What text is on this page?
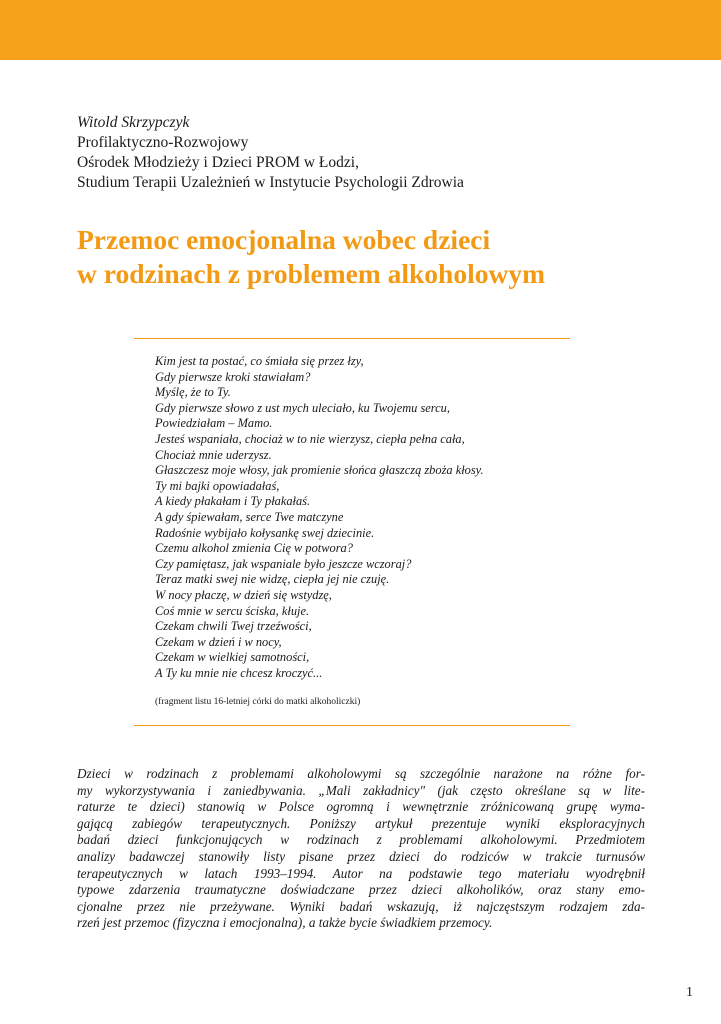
Witold Skrzypczyk
Profilaktyczno-Rozwojowy
Ośrodek Młodzieży i Dzieci PROM w Łodzi,
Studium Terapii Uzależnień w Instytucie Psychologii Zdrowia
Przemoc emocjonalna wobec dzieci
w rodzinach z problemem alkoholowym
Kim jest ta postać, co śmiała się przez łzy,
Gdy pierwsze kroki stawiałam?
Myślę, że to Ty.
Gdy pierwsze słowo z ust mych uleciało, ku Twojemu sercu,
Powiedziałam – Mamo.
Jesteś wspaniała, chociaż w to nie wierzysz, ciepła pełna cała,
Chociaż mnie uderzysz.
Głaszczesz moje włosy, jak promienie słońca głaszczą zboża kłosy.
Ty mi bajki opowiadałaś,
A kiedy płakałam i Ty płakałaś.
A gdy śpiewałam, serce Twe matczyne
Radośnie wybijało kołysankę swej dziecinie.
Czemu alkohol zmienia Cię w potwora?
Czy pamiętasz, jak wspaniale było jeszcze wczoraj?
Teraz matki swej nie widzę, ciepła jej nie czuję.
W nocy płaczę, w dzień się wstydzę,
Coś mnie w sercu ściska, kłuje.
Czekam chwili Twej trzeźwości,
Czekam w dzień i w nocy,
Czekam w wielkiej samotności,
A Ty ku mnie nie chcesz kroczyć...
(fragment listu 16-letniej córki do matki alkoholiczki)
Dzieci w rodzinach z problemami alkoholowymi są szczególnie narażone na różne for-
my wykorzystywania i zaniedbywania. „Mali zakładnicy" (jak często określane są w lite-
raturze te dzieci) stanowią w Polsce ogromną i wewnętrznie zróżnicowaną grupę wyma-
gającą zabiegów terapeutycznych. Poniższy artykuł prezentuje wyniki eksploracyjnych
badań dzieci funkcjonujących w rodzinach z problemami alkoholowymi. Przedmiotem
analizy badawczej stanowiły listy pisane przez dzieci do rodziców w trakcie turnusów
terapeutycznych w latach 1993–1994. Autor na podstawie tego materiału wyodrębnił
typowe zdarzenia traumatyczne doświadczane przez dzieci alkoholików, oraz stany emo-
cjonalne przez nie przeżywane. Wyniki badań wskazują, iż najczęstszym rodzajem zda-
rzeń jest przemoc (fizyczna i emocjonalna), a także bycie świadkiem przemocy.
1
